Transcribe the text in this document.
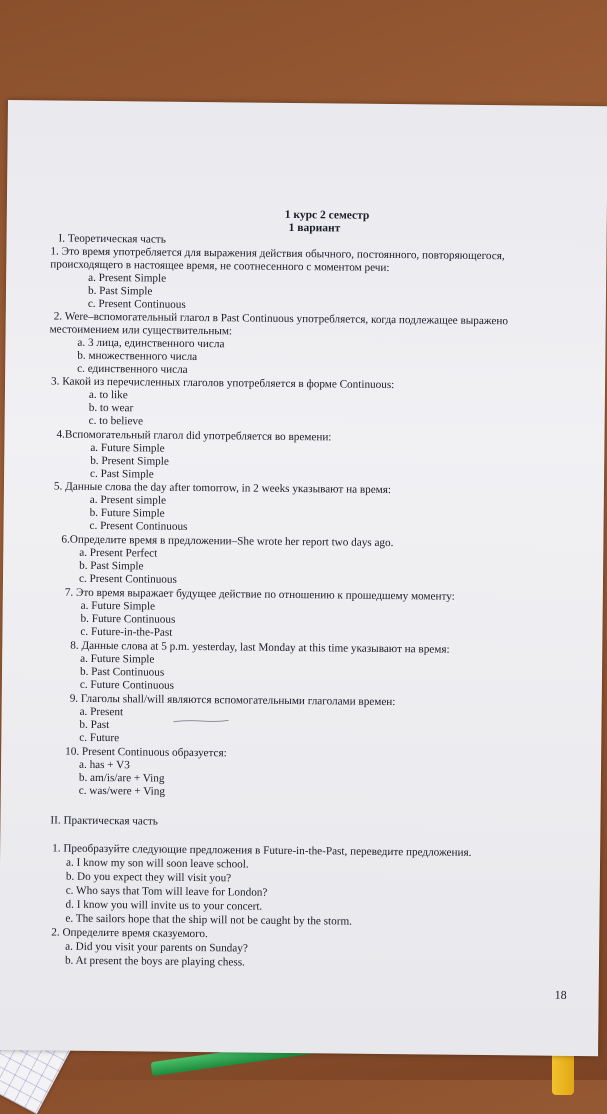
1 курс 2 семестр
1 вариант
I. Теоретическая часть
1. Это время употребляется для выражения действия обычного, постоянного, повторяющегося,
происходящего в настоящее время, не соотнесенного с моментом речи:
a. Present Simple
b. Past Simple
c. Present Continuous
2. Were–вспомогательный глагол в Past Continuous употребляется, когда подлежащее выражено
местоимением или существительным:
a. 3 лица, единственного числа
b. множественного числа
c. единственного числа
3. Какой из перечисленных глаголов употребляется в форме Continuous:
a. to like
b. to wear
c. to believe
4.Вспомогательный глагол did употребляется во времени:
a. Future Simple
b. Present Simple
c. Past Simple
5. Данные слова the day after tomorrow, in 2 weeks указывают на время:
a. Present simple
b. Future Simple
c. Present Continuous
6.Определите время в предложении–She wrote her report two days ago.
a. Present Perfect
b. Past Simple
c. Present Continuous
7. Это время выражает будущее действие по отношению к прошедшему моменту:
a. Future Simple
b. Future Continuous
c. Future-in-the-Past
8. Данные слова at 5 p.m. yesterday, last Monday at this time указывают на время:
a. Future Simple
b. Past Continuous
c. Future Continuous
9. Глаголы shall/will являются вспомогательными глаголами времен:
a. Present
b. Past
c. Future
10. Present Continuous образуется:
a. has + V3
b. am/is/are + Ving
c. was/were + Ving
II. Практическая часть
1. Преобразуйте следующие предложения в Future-in-the-Past, переведите предложения.
a. I know my son will soon leave school.
b. Do you expect they will visit you?
c. Who says that Tom will leave for London?
d. I know you will invite us to your concert.
e. The sailors hope that the ship will not be caught by the storm.
2. Определите время сказуемого.
a. Did you visit your parents on Sunday?
b. At present the boys are playing chess.
18
